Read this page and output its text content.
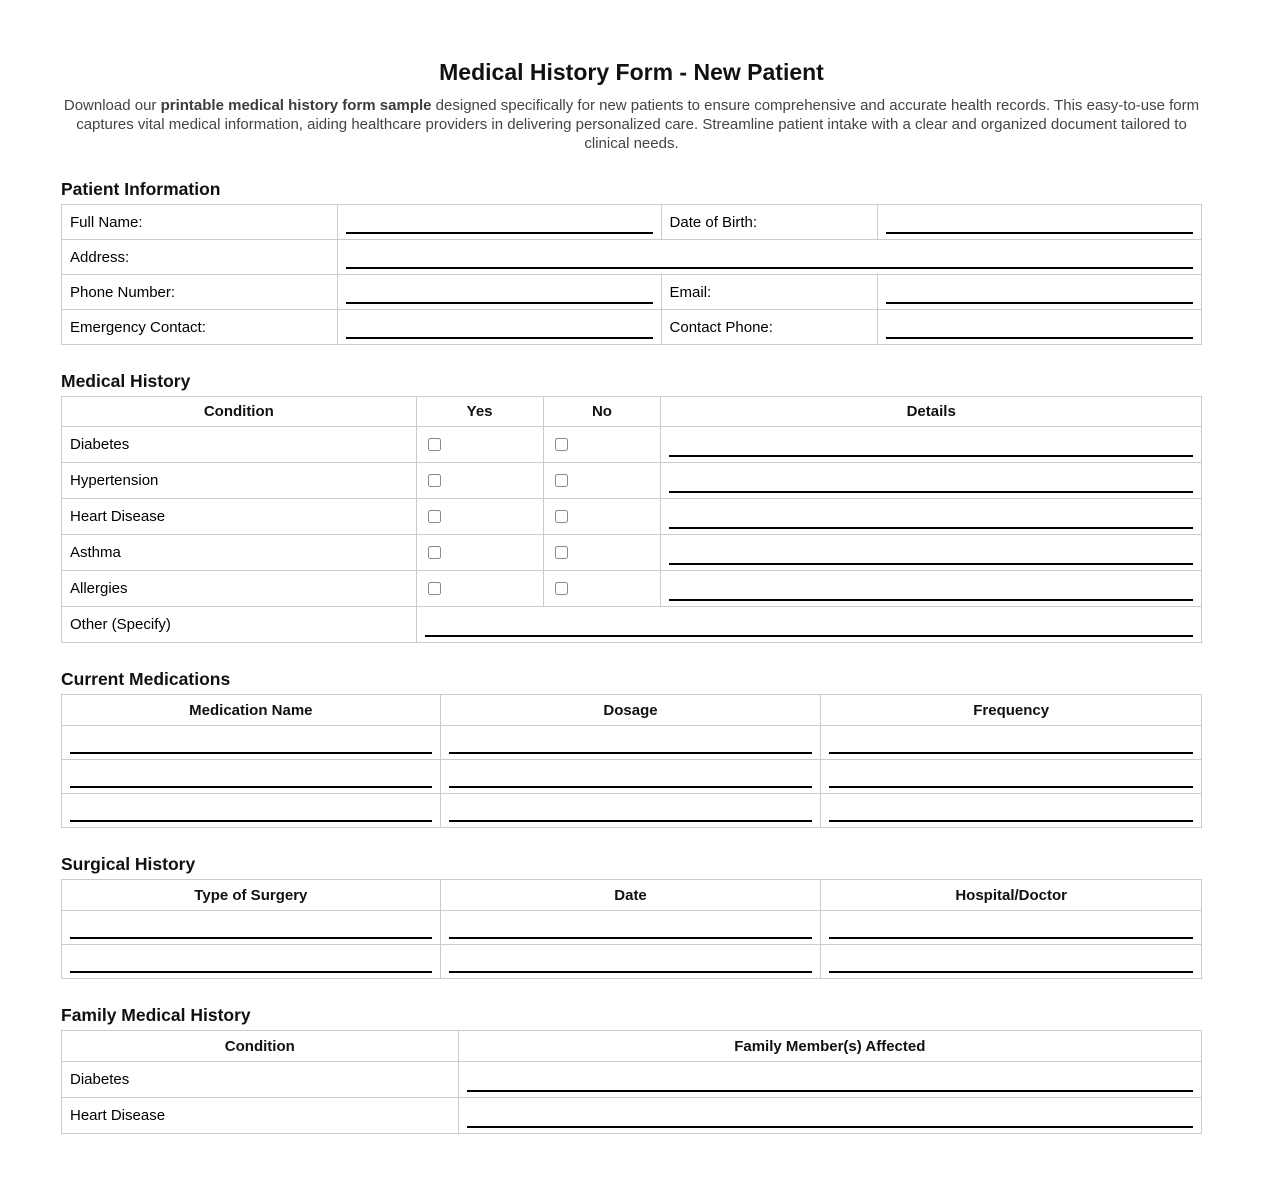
Medical History Form - New Patient

Download our printable medical history form sample designed specifically for new patients to ensure comprehensive and accurate health records. This easy-to-use form captures vital medical information, aiding healthcare providers in delivering personalized care. Streamline patient intake with a clear and organized document tailored to clinical needs.

Patient Information
Full Name:		Date of Birth:	

Address:			

Phone Number:		Email:	

Emergency Contact:		Contact Phone:	
Medical History
Condition	Yes	No	Details
Diabetes	

Hypertension	

Heart Disease	

Asthma	

Allergies	

Other (Specify)			
Current Medications
Medication Name	Dosage	Frequency

Surgical History
Type of Surgery	Date	Hospital/Doctor

Family Medical History
Condition	Family Member(s) Affected
Diabetes	

Heart Disease	
